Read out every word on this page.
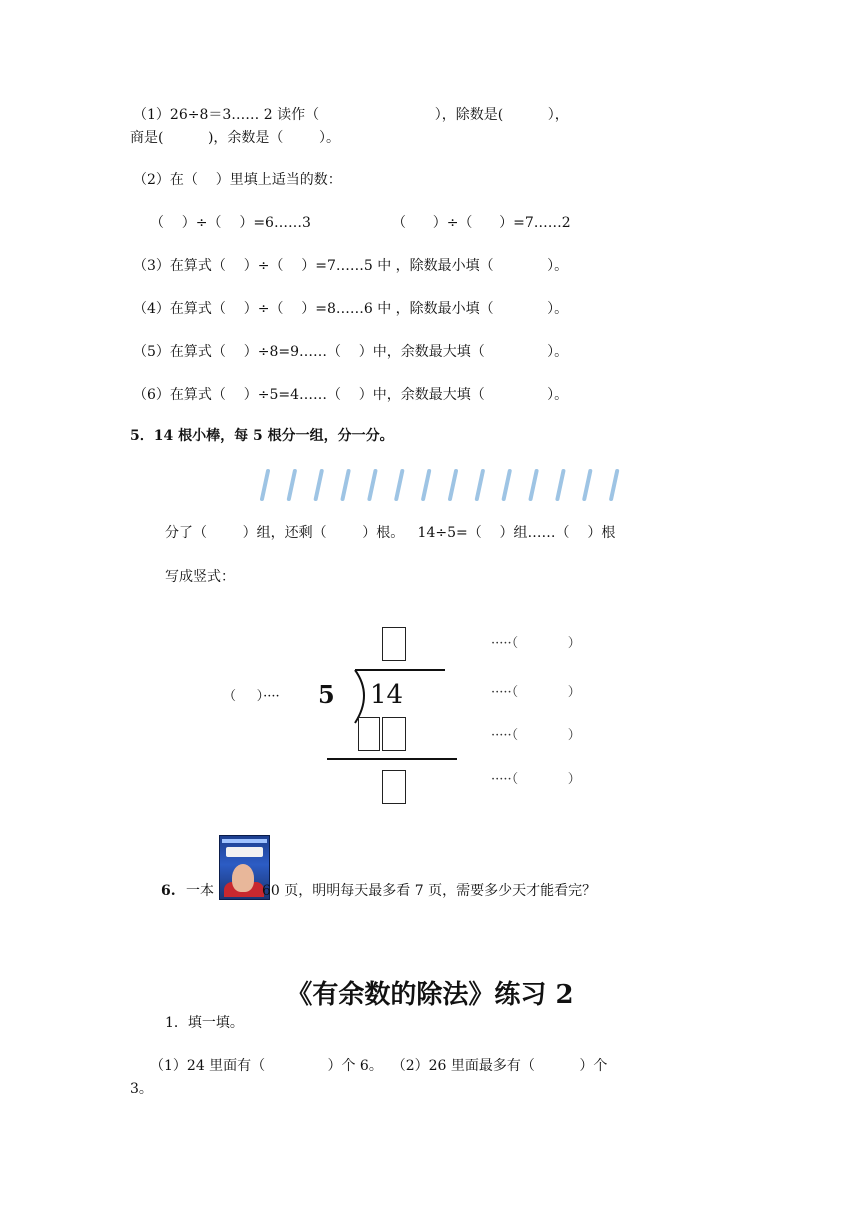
（1）26÷8＝3…… 2 读作（                          ），除数是(          ），
商是(          )，余数是（        ）。
（2）在（    ）里填上适当的数：
（    ）÷（    ）=6……3	（      ）÷（      ）=7……2
（3）在算式（    ）÷（    ）=7……5 中 ，除数最小填（            ）。
（4）在算式（    ）÷（    ）=8……6 中 ，除数最小填（            ）。
（5）在算式（    ）÷8=9……（    ）中，余数最大填（              ）。
（6）在算式（    ）÷5=4……（    ）中，余数最大填（              ）。
5．14 根小棒，每 5 根分一组，分一分。
分了（        ）组，还剩（        ）根。   14÷5=（    ）组……（    ）根
写成竖式：
（     ）···· 5 14
·····（            ）
·····（            ）
·····（            ）
·····（            ）
6. 一本	60 页，明明每天最多看 7 页，需要多少天才能看完？
《有余数的除法》练习 2
1．填一填。
（1）24 里面有（              ）个 6。  （2）26 里面最多有（          ）个
3。
